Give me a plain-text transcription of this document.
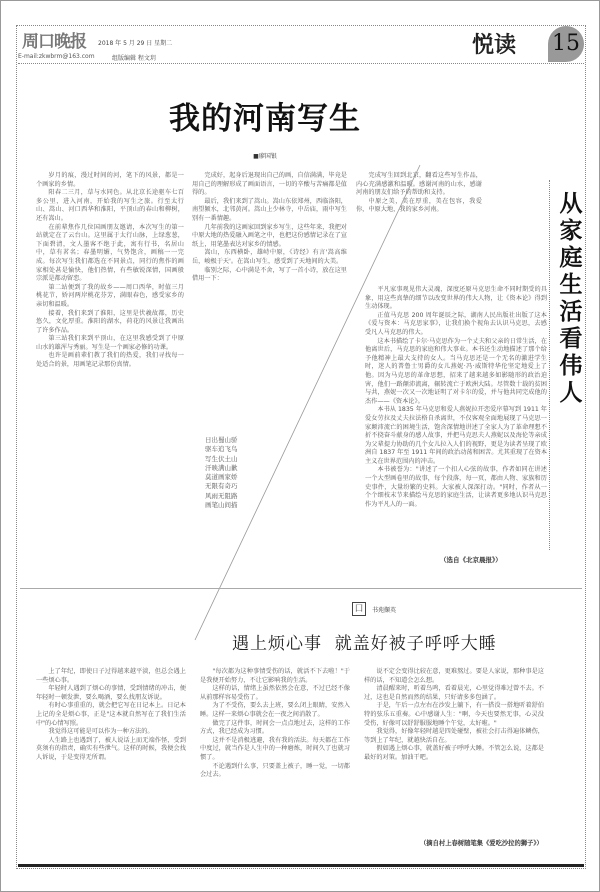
周口晚报 2018 年 5 月 29 日 星期二
E-mail:zkwbrm@163.com	组版编辑 程文玥
悦读 15
我的河南写生
■廖国银

岁月的痕，漫过时间的河，笔下的风景，都是一个画家的乡情。

阳春二三月，草与水同色。从北京长途驱车七百多公里，进入河南，开始我的写生之旅。行至太行山、嵩山、河口西华和淮阳，平顶山的春山和柳树，还有嵩山。

在前辈焦作几位国画朋友邀请，本次写生的第一站就定在了云台山。这里属于太行山脉，上绿葱葱，下面碧清，文人墨客不绝于此，寓有行书，名居山中，草有茗名；春墨明媚，气势饱含，画稿一一完成。每次写生我们都选在不同景点，同行的焦作的画家相处甚是愉快，他们热情，有些敏锐深情，国画般宗派是都动留恋。

第二站便到了我的故乡——周口西华，时值三月桃花节，娇河两岸桃花芬芳，满眼春色，感受家乡的亲切和温暖。

接着，我们来到了淮阳，这里是伏羲故都，历史悠久，文化厚重。淮阳的湖水，荷花的风景让我画出了许多作品。

第三站我们来到平顶山，在这里我感受到了中原山水的雄浑与秀丽。写生是一个画家必修的功课。

也许是画前辈们教了我们的热爱，我们寻找每一处适合的景，用画笔记录那份真情。

完成好，起身后退现出自己的画，自信满满，毕竟是用自己的理解形成了画面语言，一切的辛酸与苦痛都是值得的。

最后，我们来到了嵩山。嵩山东依郑州，西临洛阳，南望颍水，北邻黄河。嵩山上少林寺，中岳庙，雨中写生别有一番情趣。

几年前我的这画家回到家乡写生，这些年来，我把对中原大地的热爱融入画笔之中，也把这份感情记录在了宣纸上，用笔墨表达对家乡的情感。

嵩山，东西横卧，雄峙中原，《诗经》有言'嵩高维岳，峻极于天'。在嵩山写生，感受到了天地间的大美。

临别之际，心中满是不舍，写了一首小诗，放在这里借用一下：

日出蜀山骄
驱车追飞鸟
写生伏土山
汗映满山歉
莫道画家娇
无限有奇巧
风雨无阻路
画笔山间描

完成写生回到北京，翻看这些写生作品，内心充满感激和温暖。感谢河南的山水，感谢河南的朋友们给予的帮助和支持。

中原之美，美在厚重，美在包容，我爱你，中原大地，我的家乡河南。	从家庭生活看伟人

平凡家事观见伟大灵魂，深度还原马克思生命不同时期受的具象，用这些真挚的细节以改变世界的伟大人物，让《资本论》得到生动体现。

正值马克思 200 周年诞辰之际，湖南人民出版社出版了这本《爱与资本：马克思家事》，让我们换个视角去认识马克思，去感受凡人马克思的伟大。

这本书描绘了卡尔·马克思作为一个丈夫和父亲的日常生活，在他离世后，马克思的家庭和伟大事业。本书还生动地描述了那个给予他精神上最大支持的女人。当马克思还是一个无名的激进学生时，迷人的普鲁士男爵的女儿燕妮·冯·威斯特华伦坚定地爱上了他。因为马克思的革命思想，招来了越来越多如影随形的政治迫害，他们一路颠沛流离，辗转流亡于欧洲大陆。尽管数十载的贫困与共，燕妮一次又一次地证明了对卡尔的爱，并与他共同完成他的杰作——《资本论》。

本书从 1835 年马克思和爱人燕妮拉开恋爱序幕写到 1911 年爱女劳拉及丈夫拉法格自杀离世，不仅客观全面地展现了马克思一家颠沛流亡的困境生活，饱含深情地讲述了全家人为了革命理想不折不挠奋斗献身的感人故事，并把马克思夫人燕妮以及海伦等亲成为父辈提力协助的几个女儿拉入人们的视野，更是为读者呈现了欧洲自 1837 年至 1911 年间的政治动荡和困苦。尤其重现了在资本主义在世界范围内的冲击。

本书被誉为："讲述了一个扣人心弦的故事，作者如同在讲述一个大型画卷里的故事，每个段落，每一页，都由人物、家族和历史事件，大量纷繁的史料。大家被人深深打动。"同时，作者从一个个细枝末节来描绘马克思的家庭生活，让读者更多地认识马克思作为平凡人的一面。

（选自《北京晨报》）
囗	书苑撷英
遇上烦心事  就盖好被子呼呼大睡

上了年纪，即使日子过得越来越平淡，但总会遇上一些烦心事。

年轻时人遇到了烦心的事情，受到情绪的冲击，便年轻时一顿发泄，要么喝酒，要么找朋友诉说。

有时心事重重的，就会把它写在日记本上。日记本上记的全是烦心事，正是"这本就自然写在了我们生活中"的心情写照。

我觉得这可能是可以作为一种方法的。

人生路上也遇到了，被人说话上而无端作怪，受到莫须有的指责，确实有些泄气。这样的时候，我便会找人诉说，于是变得无所谓。

"每次都为这种事情受伤的话，就活不下去啦！"于是我便开始努力，不让它影响我的生活。

这样的话，情绪上虽然依然会在意，不过已经不像从前那样容易受伤了。

为了不受伤，要么去上班，要么闭上眼睛，安然入睡。这样一来烦心事就会在一夜之间消散了。

做完了这件事，时间会一点点地过去，这样的工作方式，我已经成为习惯。

这并不是消极逃避，我有我的活法。每天都在工作中度过，就当作是人生中的一种磨炼，时间久了也就习惯了。

不论遇到什么事，只要盖上被子，睡一觉，一切都会过去。

说不定会变得比较在意，更难熬过。要是人家说，那种事是这样的话，不知道会怎么想。

清晨醒来时，听着鸟鸣，看着晨光，心里觉得难过曾不去。不过，这也是自然而然的结果，只好请多多包涵了。

于是，午后一点左右在沙发上躺下，有一搭没一搭地听着舒伯特的弦乐五重奏。心中感谢人生："啊，今天也要然无事，心灵没受伤，好像可以舒舒服服地睡个午觉，太好啦。"

我觉得，好像年轻时越是四处碰壁，被社会打击得遍体鳞伤，等到上了年纪，就越快活自在。

假如遇上烦心事，就盖好被子呼呼大睡。不管怎么说，这都是最好的对策。加油干吧。

（摘自村上春树随笔集《爱吃沙拉的狮子》）
